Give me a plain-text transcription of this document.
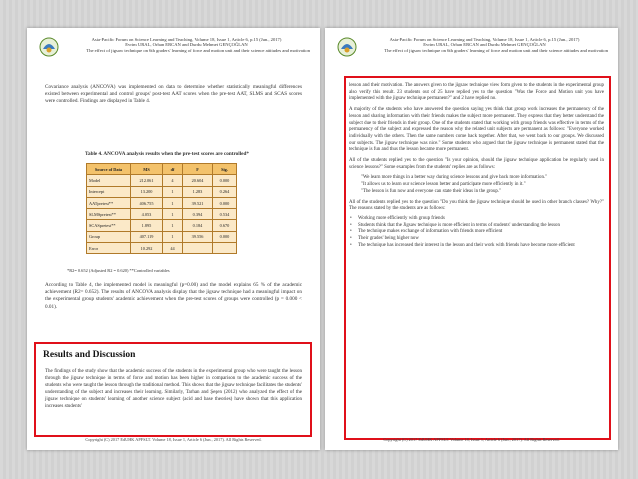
Asia-Pacific Forum on Science Learning and Teaching, Volume 18, Issue 1, Article 6, p.15 (Jun., 2017)
Evrim URAL, Orhan ERCAN and Durdu Mehmet GENÇOĞLAN
The effect of jigsaw technique on 6th graders' learning of force and motion unit and their science attitudes and motivation
Covariance analysis (ANCOVA) was implemented on data to determine whether statistically meaningful differences existed between experimental and control groups' post-test AAT scores when the pre-test AAT, SLMS and SCAS scores were controlled. Findings are displayed in Table 4.
Table 4. ANCOVA analysis results when the pre-test scores are controlled*
Source of Data	MS	df	F	Sig.
Model	212.061	4	20.604	0.000
Intercept	13.200	1	1.283	0.264
AATpretest**	406.755	1	39.521	0.000
SLMSpretest**	4.053	1	0.394	0.534
SCASpretest**	1.895	1	0.184	0.670
Group	407.119	1	39.556	0.000
Error	10.292	44		
*R2= 0.652 (Adjusted R2 = 0.620) **Controlled variables
According to Table 4, the implemented model is meaningful (p=0.00) and the model explains 65 % of the academic achievement (R2= 0.652). The results of ANCOVA analysis display that the jigsaw technique had a meaningful impact on the experimental group students' academic achievement when the pre-test scores of groups were controlled (p = 0.000 < 0.01).
Results and Discussion
The findings of the study show that the academic success of the students in the experimental group who were taught the lesson through the jigsaw technique in terms of force and motion has been higher in comparison to the academic success of the students who were taught the lesson through the traditional method. This shows that the jigsaw technique facilitates the students' understanding of the subject and increases their learning. Similarly, Tarhan and Şeşen (2012) who analyzed the effect of the jigsaw technique on students' learning of another science subject (acid and base theories) have shown that this application increases students'
Copyright (C) 2017 EdUHK APFSLT. Volume 18, Issue 1, Article 6 (Jun., 2017). All Rights Reserved.
Asia-Pacific Forum on Science Learning and Teaching, Volume 18, Issue 1, Article 6, p.15 (Jun., 2017)
Evrim URAL, Orhan ERCAN and Durdu Mehmet GENÇOĞLAN
The effect of jigsaw technique on 6th graders' learning of force and motion unit and their science attitudes and motivation

lesson and their motivation. The answers given to the jigsaw technique view form given to the students in the experimental group also verify this result. 23 students out of 25 have replied yes to the question "Was the Force and Motion unit you have implemented with the jigsaw technique permanent?" and 2 have replied no.

A majority of the students who have answered the question saying yes think that group work increases the permanency of the lesson and sharing information with their friends makes the subject more permanent. They express that they better understand the subject due to their friends in their group. One of the students stated that working with group friends was effective in terms of the permanency of the subject and expressed the reason why the related unit subjects are permanent as follows: "Everyone worked individually with the others. Then the same numbers come back together. After that, we went back to our groups. We discussed our subjects. The jigsaw technique was nice." Some students who argued that the jigsaw technique is permanent stated that the technique is fun and thus the lesson became more permanent.

All of the students replied yes to the question "Is your opinion, should the jigsaw technique application be regularly used in science lessons?" Some examples from the students' replies are as follows:

"We learn more things in a better way during science lessons and give back more information."

"It allows us to learn our science lesson better and participate more efficiently in it."

"The lesson is fun now and everyone can state their ideas in the group."

All of the students replied yes to the question "Do you think the jigsaw technique should be used in other branch classes? Why?" The reasons stated by the students are as follows:

• Working more efficiently with group friends
• Students think that the Jigsaw technique is more efficient in terms of students' understanding the lesson
• The technique makes exchange of information with friends more efficient
• Their grades' being higher now
• The technique has increased their interest in the lesson and their work with friends have become more efficient
Copyright (C) 2017 EdUHK APFSLT. Volume 18, Issue 1, Article 6 (Jun., 2017). All Rights Reserved.
